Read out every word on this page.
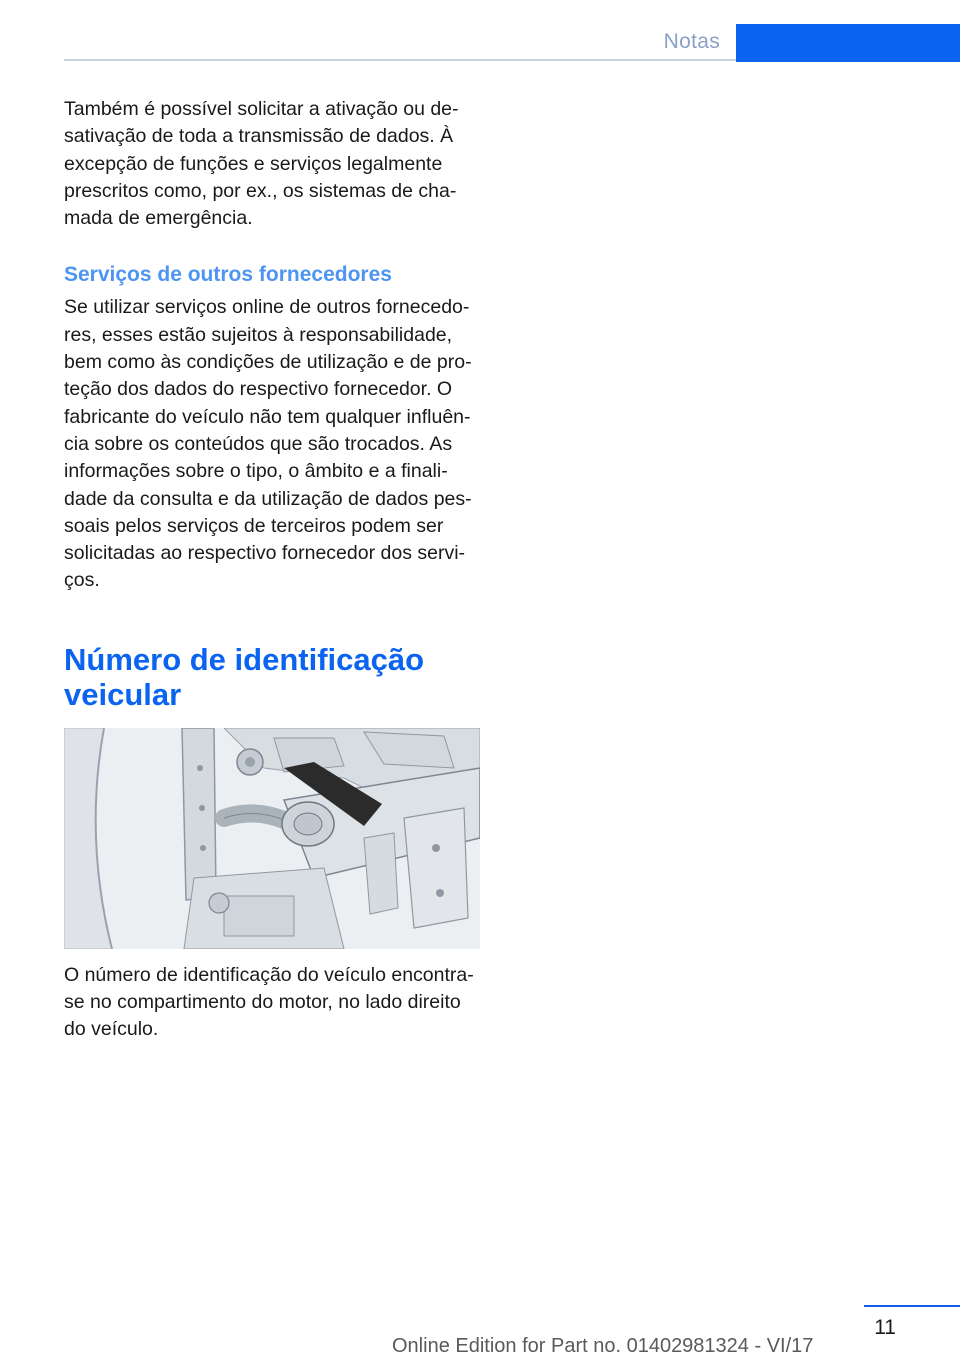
Notas

Também é possível solicitar a ativação ou desativação de toda a transmissão de dados. À excepção de funções e serviços legalmente prescritos como, por ex., os sistemas de chamada de emergência.

Serviços de outros fornecedores

Se utilizar serviços online de outros fornecedores, esses estão sujeitos à responsabilidade, bem como às condições de utilização e de proteção dos dados do respectivo fornecedor. O fabricante do veículo não tem qualquer influência sobre os conteúdos que são trocados. As informações sobre o tipo, o âmbito e a finalidade da consulta e da utilização de dados pessoais pelos serviços de terceiros podem ser solicitadas ao respectivo fornecedor dos serviços.

Número de identificação veicular

O número de identificação do veículo encontra-se no compartimento do motor, no lado direito do veículo.

11
Online Edition for Part no. 01402981324 - VI/17
